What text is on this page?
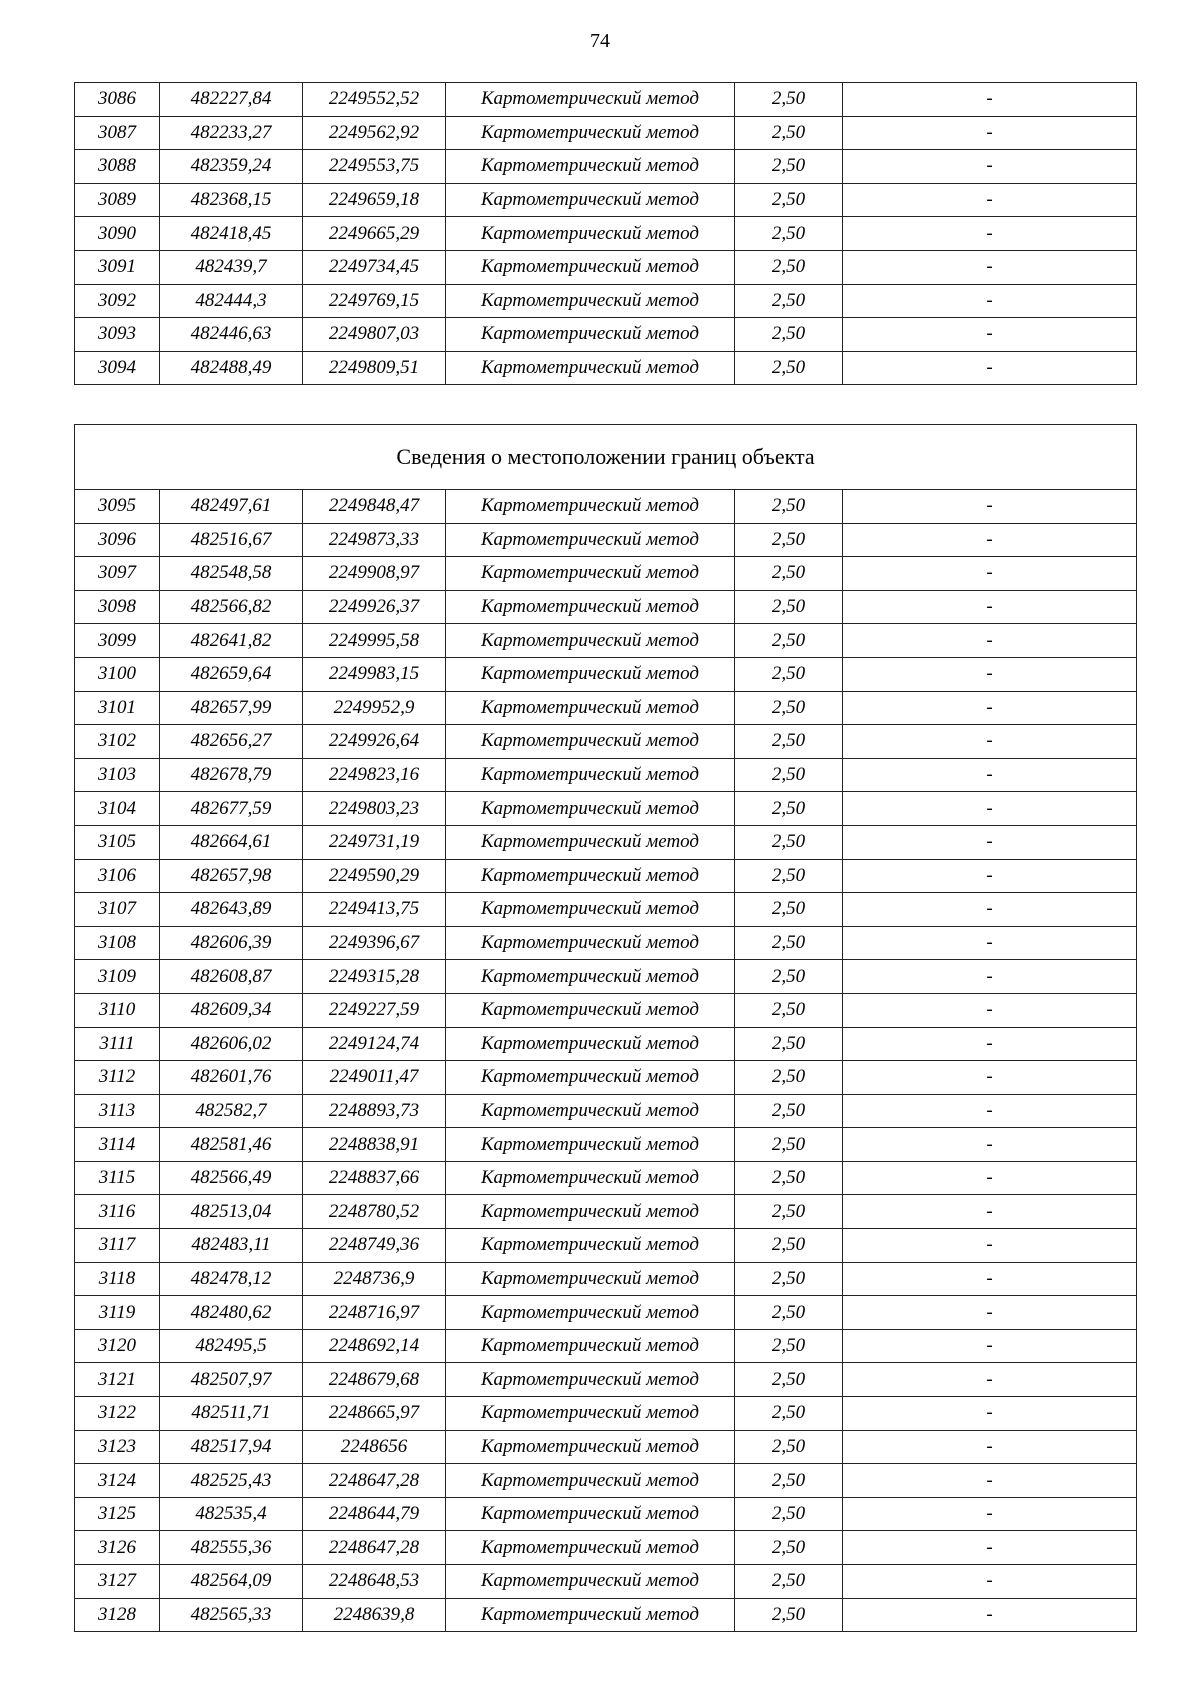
74
3086	482227,84	2249552,52	Картометрический метод	2,50	-
3087	482233,27	2249562,92	Картометрический метод	2,50	-
3088	482359,24	2249553,75	Картометрический метод	2,50	-
3089	482368,15	2249659,18	Картометрический метод	2,50	-
3090	482418,45	2249665,29	Картометрический метод	2,50	-
3091	482439,7	2249734,45	Картометрический метод	2,50	-
3092	482444,3	2249769,15	Картометрический метод	2,50	-
3093	482446,63	2249807,03	Картометрический метод	2,50	-
3094	482488,49	2249809,51	Картометрический метод	2,50	-
Сведения о местоположении границ объекта					
3095	482497,61	2249848,47	Картометрический метод	2,50	-
3096	482516,67	2249873,33	Картометрический метод	2,50	-
3097	482548,58	2249908,97	Картометрический метод	2,50	-
3098	482566,82	2249926,37	Картометрический метод	2,50	-
3099	482641,82	2249995,58	Картометрический метод	2,50	-
3100	482659,64	2249983,15	Картометрический метод	2,50	-
3101	482657,99	2249952,9	Картометрический метод	2,50	-
3102	482656,27	2249926,64	Картометрический метод	2,50	-
3103	482678,79	2249823,16	Картометрический метод	2,50	-
3104	482677,59	2249803,23	Картометрический метод	2,50	-
3105	482664,61	2249731,19	Картометрический метод	2,50	-
3106	482657,98	2249590,29	Картометрический метод	2,50	-
3107	482643,89	2249413,75	Картометрический метод	2,50	-
3108	482606,39	2249396,67	Картометрический метод	2,50	-
3109	482608,87	2249315,28	Картометрический метод	2,50	-
3110	482609,34	2249227,59	Картометрический метод	2,50	-
3111	482606,02	2249124,74	Картометрический метод	2,50	-
3112	482601,76	2249011,47	Картометрический метод	2,50	-
3113	482582,7	2248893,73	Картометрический метод	2,50	-
3114	482581,46	2248838,91	Картометрический метод	2,50	-
3115	482566,49	2248837,66	Картометрический метод	2,50	-
3116	482513,04	2248780,52	Картометрический метод	2,50	-
3117	482483,11	2248749,36	Картометрический метод	2,50	-
3118	482478,12	2248736,9	Картометрический метод	2,50	-
3119	482480,62	2248716,97	Картометрический метод	2,50	-
3120	482495,5	2248692,14	Картометрический метод	2,50	-
3121	482507,97	2248679,68	Картометрический метод	2,50	-
3122	482511,71	2248665,97	Картометрический метод	2,50	-
3123	482517,94	2248656	Картометрический метод	2,50	-
3124	482525,43	2248647,28	Картометрический метод	2,50	-
3125	482535,4	2248644,79	Картометрический метод	2,50	-
3126	482555,36	2248647,28	Картометрический метод	2,50	-
3127	482564,09	2248648,53	Картометрический метод	2,50	-
3128	482565,33	2248639,8	Картометрический метод	2,50	-
